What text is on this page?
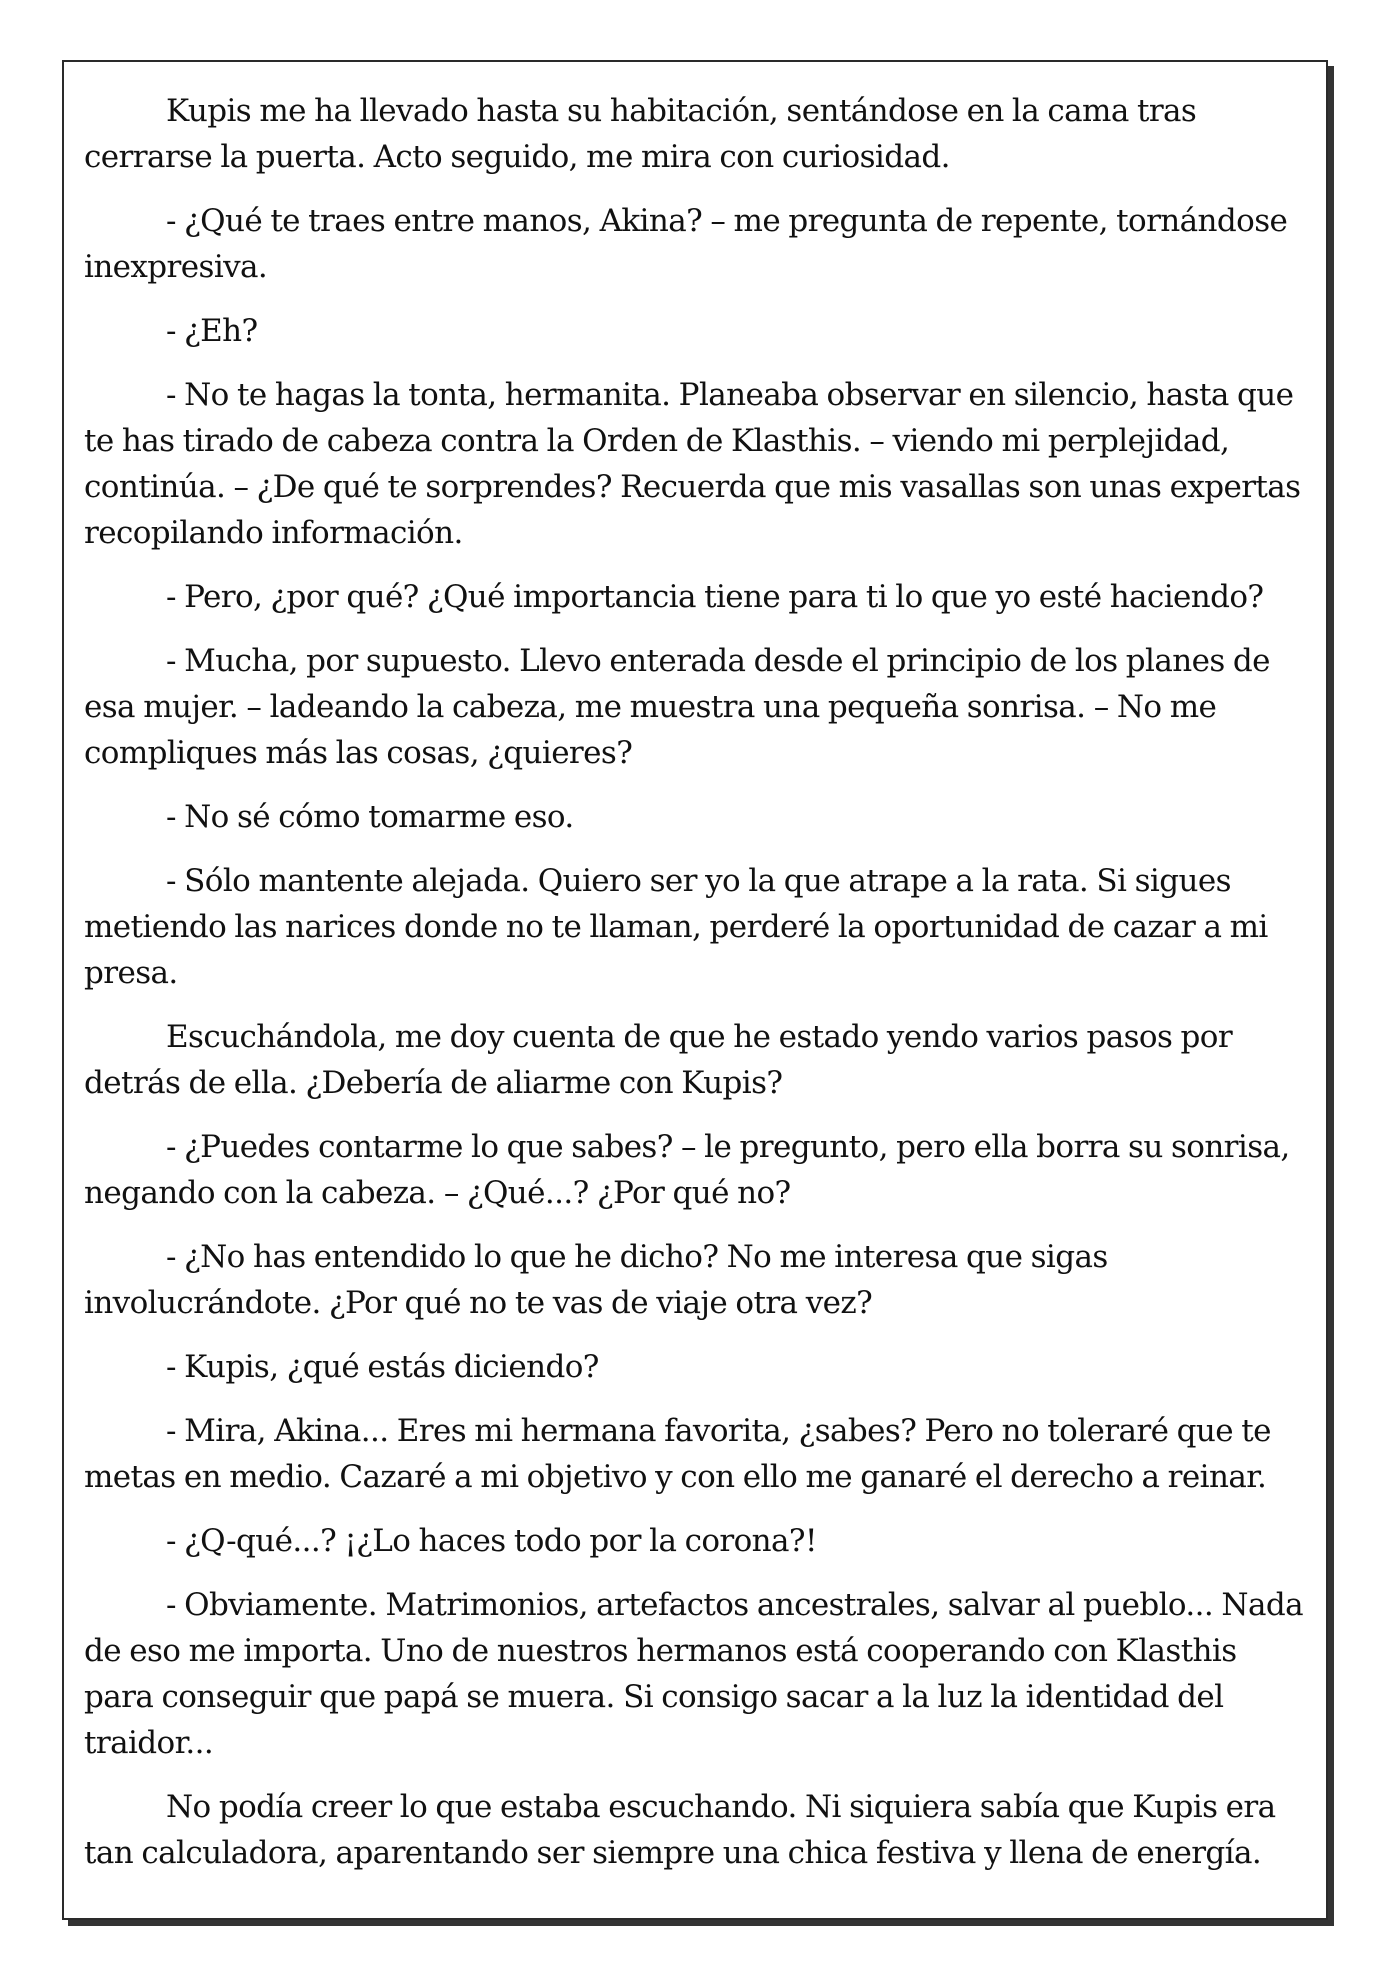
Kupis me ha llevado hasta su habitación, sentándose en la cama tras cerrarse la puerta. Acto seguido, me mira con curiosidad.

- ¿Qué te traes entre manos, Akina? – me pregunta de repente, tornándose inexpresiva.

- ¿Eh?

- No te hagas la tonta, hermanita. Planeaba observar en silencio, hasta que te has tirado de cabeza contra la Orden de Klasthis. – viendo mi perplejidad, continúa. – ¿De qué te sorprendes? Recuerda que mis vasallas son unas expertas recopilando información.

- Pero, ¿por qué? ¿Qué importancia tiene para ti lo que yo esté haciendo?

- Mucha, por supuesto. Llevo enterada desde el principio de los planes de esa mujer. – ladeando la cabeza, me muestra una pequeña sonrisa. – No me compliques más las cosas, ¿quieres?

- No sé cómo tomarme eso.

- Sólo mantente alejada. Quiero ser yo la que atrape a la rata. Si sigues metiendo las narices donde no te llaman, perderé la oportunidad de cazar a mi presa.

Escuchándola, me doy cuenta de que he estado yendo varios pasos por detrás de ella. ¿Debería de aliarme con Kupis?

- ¿Puedes contarme lo que sabes? – le pregunto, pero ella borra su sonrisa, negando con la cabeza. – ¿Qué...? ¿Por qué no?

- ¿No has entendido lo que he dicho? No me interesa que sigas involucrándote. ¿Por qué no te vas de viaje otra vez?

- Kupis, ¿qué estás diciendo?

- Mira, Akina... Eres mi hermana favorita, ¿sabes? Pero no toleraré que te metas en medio. Cazaré a mi objetivo y con ello me ganaré el derecho a reinar.

- ¿Q-qué...? ¡¿Lo haces todo por la corona?!

- Obviamente. Matrimonios, artefactos ancestrales, salvar al pueblo... Nada de eso me importa. Uno de nuestros hermanos está cooperando con Klasthis para conseguir que papá se muera. Si consigo sacar a la luz la identidad del traidor...

No podía creer lo que estaba escuchando. Ni siquiera sabía que Kupis era tan calculadora, aparentando ser siempre una chica festiva y llena de energía.
